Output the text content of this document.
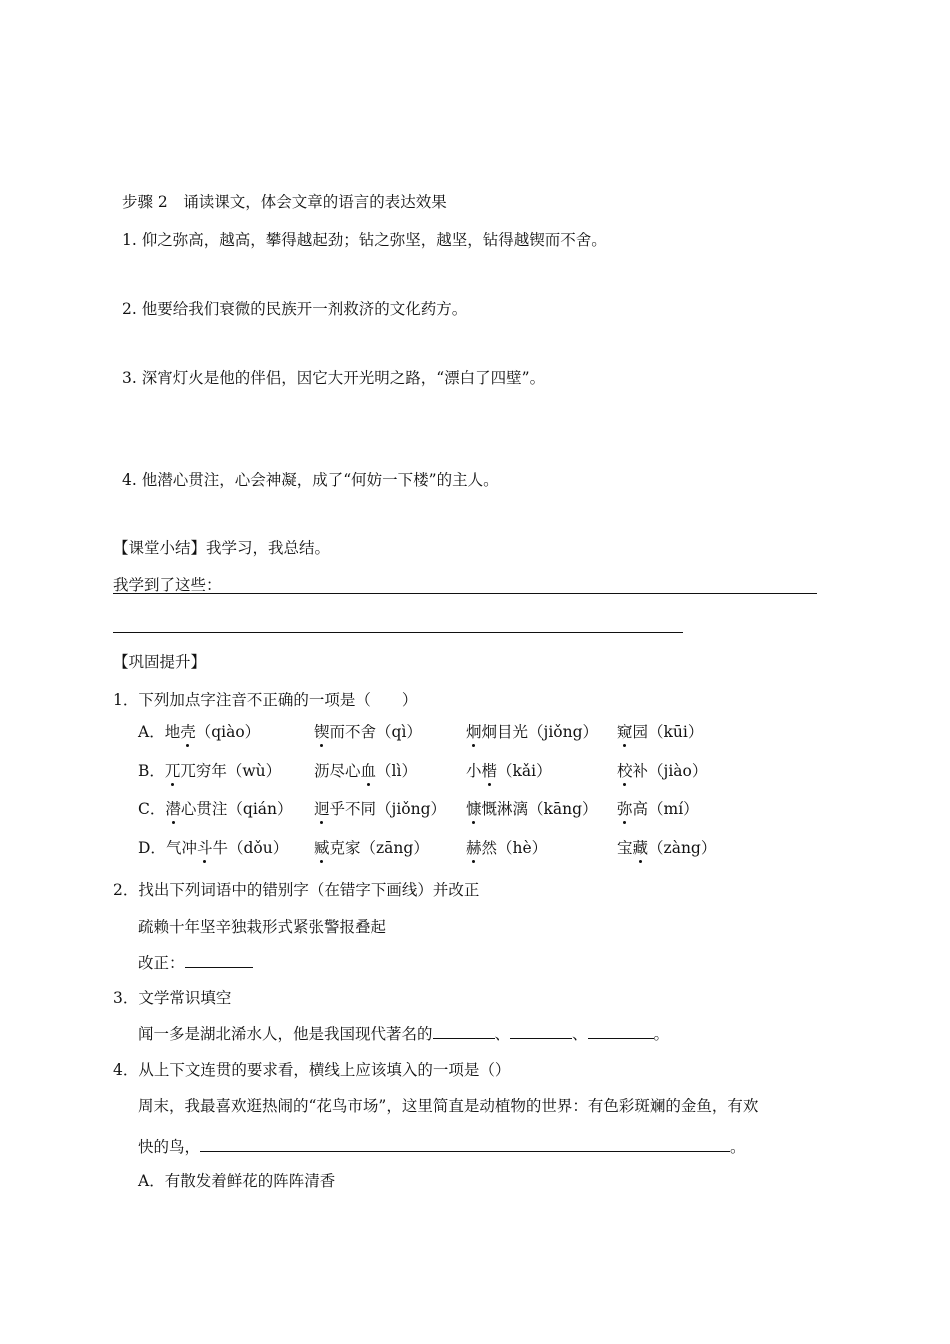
步骤 2　诵读课文，体会文章的语言的表达效果
1. 仰之弥高，越高，攀得越起劲；钻之弥坚，越坚，钻得越锲而不舍。
2. 他要给我们衰微的民族开一剂救济的文化药方。
3. 深宵灯火是他的伴侣，因它大开光明之路，“漂白了四壁”。
4. 他潜心贯注，心会神凝，成了“何妨一下楼”的主人。
【课堂小结】我学习，我总结。
我学到了这些：
【巩固提升】
1．下列加点字注音不正确的一项是（　　）
A．地壳（qiào）	锲而不舍（qì）	炯炯目光（jiǒng） 窥园（kūi）
B．兀兀穷年（wù） 沥尽心血（lì）	小楷（kǎi）	校补（jiào）
C．潜心贯注（qián） 迥乎不同（jiǒng） 慷慨淋漓（kāng） 弥高（mí）
D．气冲斗牛（dǒu） 臧克家（zāng） 赫然（hè）	宝藏（zàng）
2．找出下列词语中的错别字（在错字下画线）并改正
疏赖十年坚辛独栽形式紧张警报叠起
改正：
3．文学常识填空
闻一多是湖北浠水人，他是我国现代著名的	、	、	。
4．从上下文连贯的要求看，横线上应该填入的一项是（）
周末，我最喜欢逛热闹的“花鸟市场”，这里简直是动植物的世界：有色彩斑斓的金鱼，有欢
快的鸟，	。
A．有散发着鲜花的阵阵清香
